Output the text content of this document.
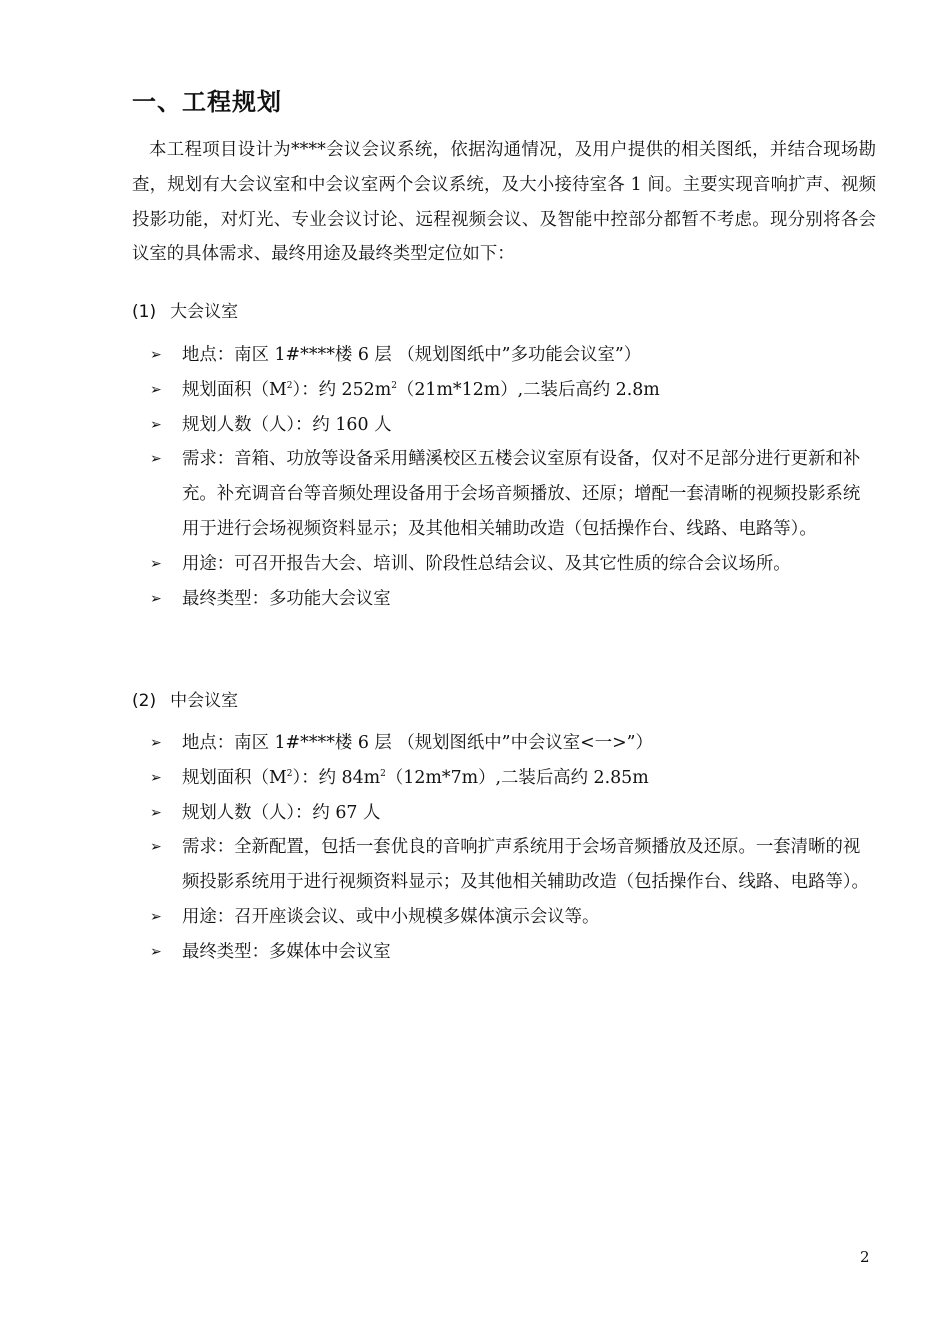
一、工程规划

本工程项目设计为****会议会议系统，依据沟通情况，及用户提供的相关图纸，并结合现场勘查，规划有大会议室和中会议室两个会议系统，及大小接待室各 1 间。主要实现音响扩声、视频投影功能，对灯光、专业会议讨论、远程视频会议、及智能中控部分都暂不考虑。现分别将各会议室的具体需求、最终用途及最终类型定位如下：

(1) 大会议室
➢	地点：南区 1#****楼 6 层 （规划图纸中”多功能会议室”）
➢	规划面积$(M^2)$：约 $252m^2(21m*12m)$,二装后高约 2.8m
➢	规划人数（人）：约 160 人
➢	需求：音箱、功放等设备采用鳝溪校区五楼会议室原有设备，仅对不足部分进行更新和补充。补充调音台等音频处理设备用于会场音频播放、还原；增配一套清晰的视频投影系统用于进行会场视频资料显示；及其他相关辅助改造（包括操作台、线路、电路等）。
➢	用途：可召开报告大会、培训、阶段性总结会议、及其它性质的综合会议场所。
➢	最终类型：多功能大会议室
(2) 中会议室
➢	地点：南区 1#****楼 6 层 （规划图纸中”中会议室<一>”）
➢	规划面积$(M^2)$：约 $84m^2(12m*7m)$,二装后高约 2.85m
➢	规划人数（人）：约 67 人
➢	需求：全新配置，包括一套优良的音响扩声系统用于会场音频播放及还原。一套清晰的视频投影系统用于进行视频资料显示；及其他相关辅助改造（包括操作台、线路、电路等）。
➢	用途：召开座谈会议、或中小规模多媒体演示会议等。
➢	最终类型：多媒体中会议室
2
